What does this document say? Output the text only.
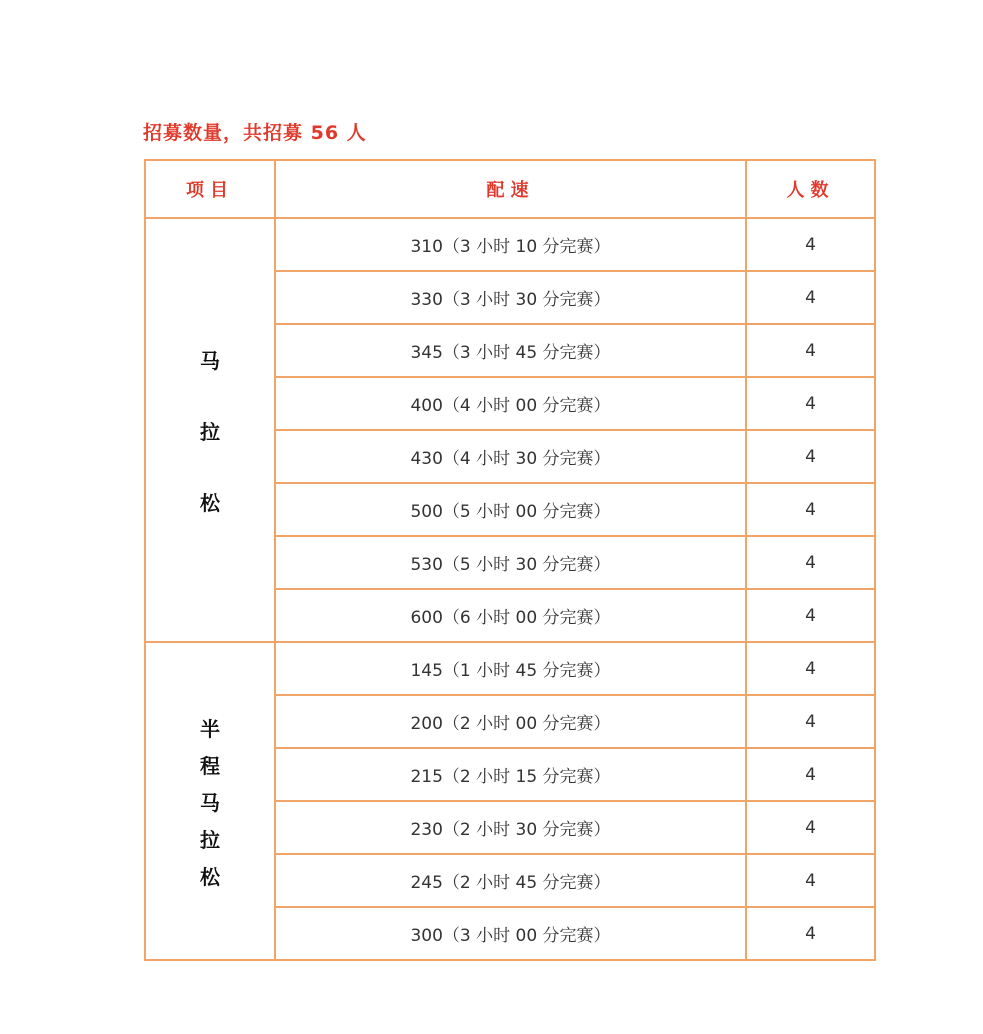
招募数量，共招募 56 人
项目	配速	人数

马
拉
松	310（3 小时 10 分完赛）	4
	330（3 小时 30 分完赛）	4
	345（3 小时 45 分完赛）	4
	400（4 小时 00 分完赛）	4
	430（4 小时 30 分完赛）	4
	500（5 小时 00 分完赛）	4
	530（5 小时 30 分完赛）	4
	600（6 小时 00 分完赛）	4

半
程
马
拉
松	145（1 小时 45 分完赛）	4
	200（2 小时 00 分完赛）	4
	215（2 小时 15 分完赛）	4
	230（2 小时 30 分完赛）	4
	245（2 小时 45 分完赛）	4
	300（3 小时 00 分完赛）	4
